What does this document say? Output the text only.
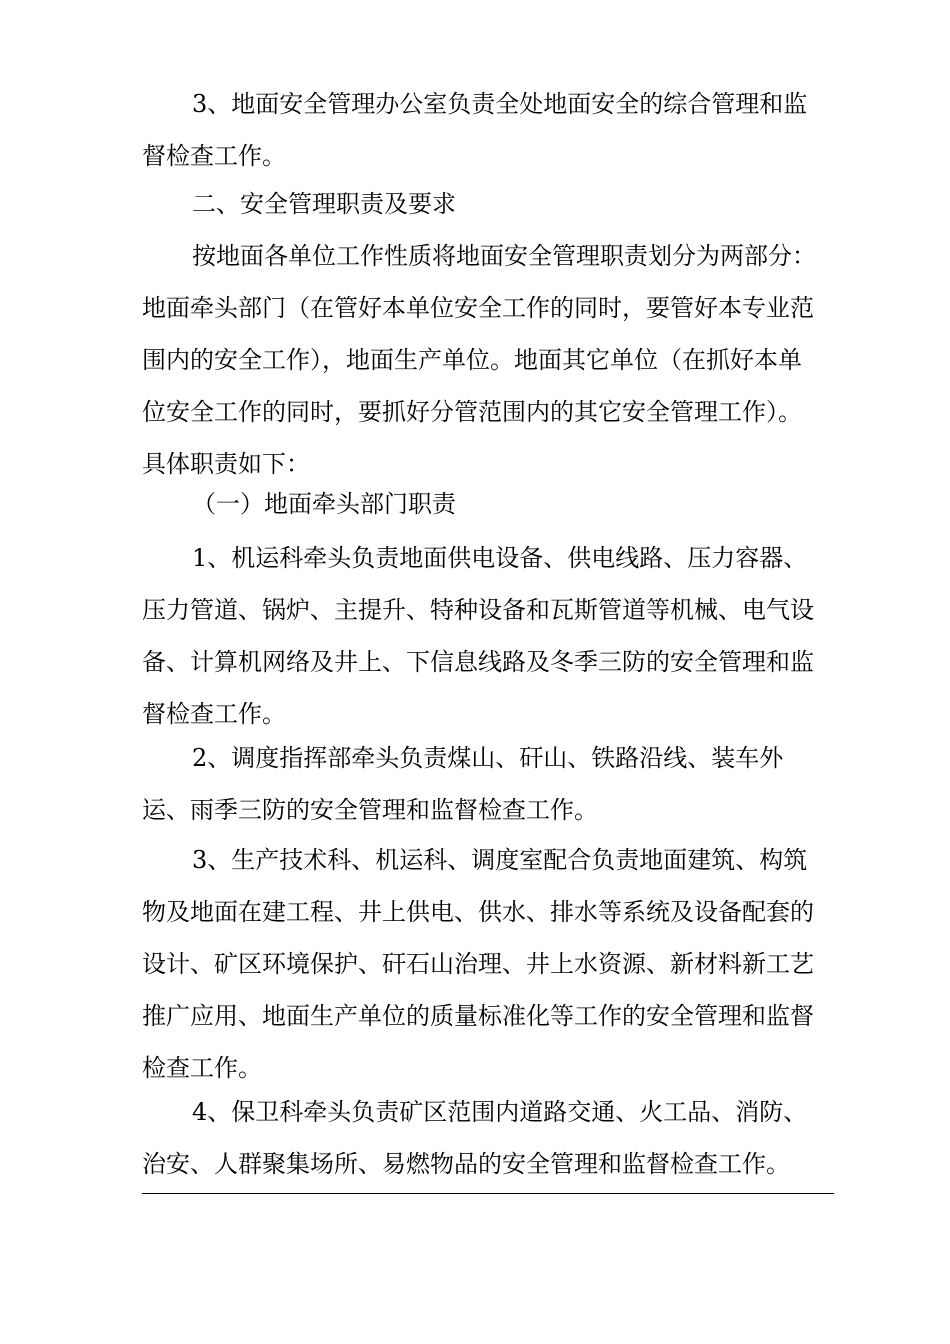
3、地面安全管理办公室负责全处地面安全的综合管理和监
督检查工作。
二、安全管理职责及要求
按地面各单位工作性质将地面安全管理职责划分为两部分：
地面牵头部门（在管好本单位安全工作的同时，要管好本专业范
围内的安全工作），地面生产单位。地面其它单位（在抓好本单
位安全工作的同时，要抓好分管范围内的其它安全管理工作）。
具体职责如下：
（一）地面牵头部门职责
1、机运科牵头负责地面供电设备、供电线路、压力容器、
压力管道、锅炉、主提升、特种设备和瓦斯管道等机械、电气设
备、计算机网络及井上、下信息线路及冬季三防的安全管理和监
督检查工作。
2、调度指挥部牵头负责煤山、矸山、铁路沿线、装车外
运、雨季三防的安全管理和监督检查工作。
3、生产技术科、机运科、调度室配合负责地面建筑、构筑
物及地面在建工程、井上供电、供水、排水等系统及设备配套的
设计、矿区环境保护、矸石山治理、井上水资源、新材料新工艺
推广应用、地面生产单位的质量标准化等工作的安全管理和监督
检查工作。
4、保卫科牵头负责矿区范围内道路交通、火工品、消防、
治安、人群聚集场所、易燃物品的安全管理和监督检查工作。
